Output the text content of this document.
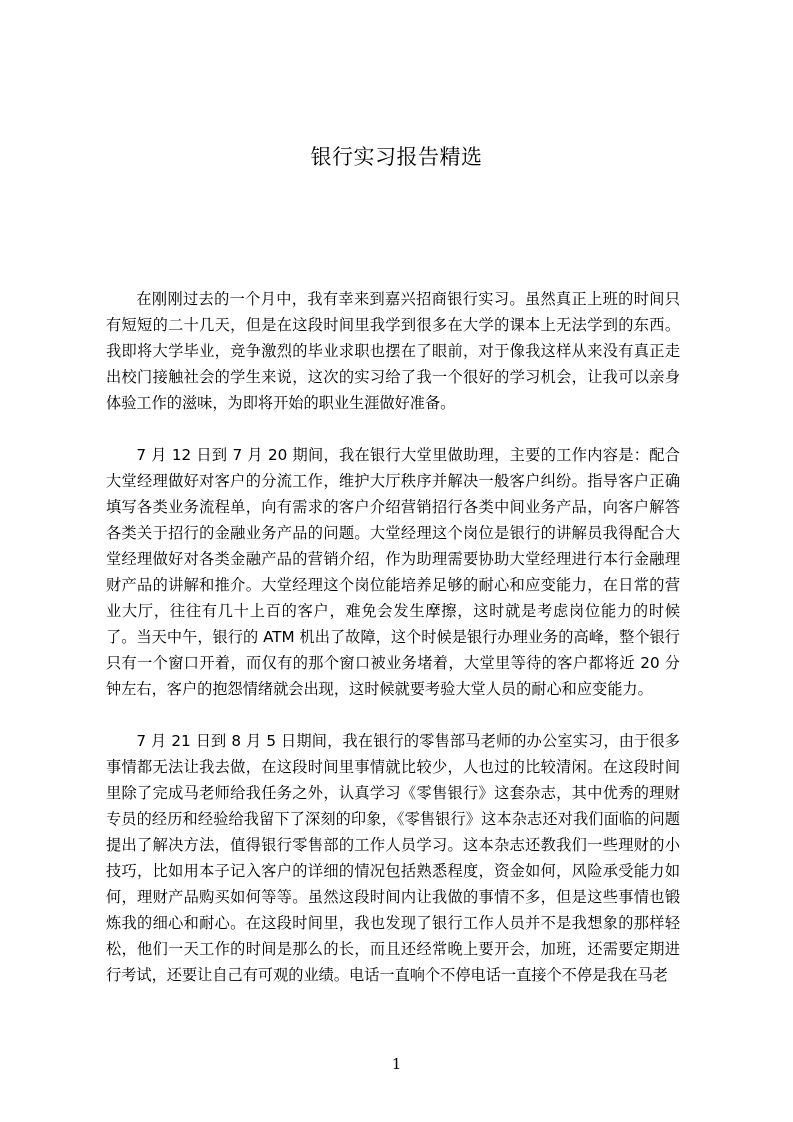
银行实习报告精选

在刚刚过去的一个月中，我有幸来到嘉兴招商银行实习。虽然真正上班的时间只有短短的二十几天，但是在这段时间里我学到很多在大学的课本上无法学到的东西。我即将大学毕业，竞争激烈的毕业求职也摆在了眼前，对于像我这样从来没有真正走出校门接触社会的学生来说，这次的实习给了我一个很好的学习机会，让我可以亲身体验工作的滋味，为即将开始的职业生涯做好准备。

7 月 12 日到 7 月 20 期间，我在银行大堂里做助理，主要的工作内容是：配合大堂经理做好对客户的分流工作，维护大厅秩序并解决一般客户纠纷。指导客户正确填写各类业务流程单，向有需求的客户介绍营销招行各类中间业务产品，向客户解答各类关于招行的金融业务产品的问题。大堂经理这个岗位是银行的讲解员我得配合大堂经理做好对各类金融产品的营销介绍，作为助理需要协助大堂经理进行本行金融理财产品的讲解和推介。大堂经理这个岗位能培养足够的耐心和应变能力，在日常的营业大厅，往往有几十上百的客户，难免会发生摩擦，这时就是考虑岗位能力的时候了。当天中午，银行的 ATM 机出了故障，这个时候是银行办理业务的高峰，整个银行只有一个窗口开着，而仅有的那个窗口被业务堵着，大堂里等待的客户都将近 20 分钟左右，客户的抱怨情绪就会出现，这时候就要考验大堂人员的耐心和应变能力。

7 月 21 日到 8 月 5 日期间，我在银行的零售部马老师的办公室实习，由于很多事情都无法让我去做，在这段时间里事情就比较少，人也过的比较清闲。在这段时间里除了完成马老师给我任务之外，认真学习《零售银行》这套杂志，其中优秀的理财专员的经历和经验给我留下了深刻的印象，《零售银行》这本杂志还对我们面临的问题提出了解决方法，值得银行零售部的工作人员学习。这本杂志还教我们一些理财的小技巧，比如用本子记入客户的详细的情况包括熟悉程度，资金如何，风险承受能力如何，理财产品购买如何等等。虽然这段时间内让我做的事情不多，但是这些事情也锻炼我的细心和耐心。在这段时间里，我也发现了银行工作人员并不是我想象的那样轻松，他们一天工作的时间是那么的长，而且还经常晚上要开会，加班，还需要定期进行考试，还要让自己有可观的业绩。电话一直响个不停电话一直接个不停是我在马老

1
